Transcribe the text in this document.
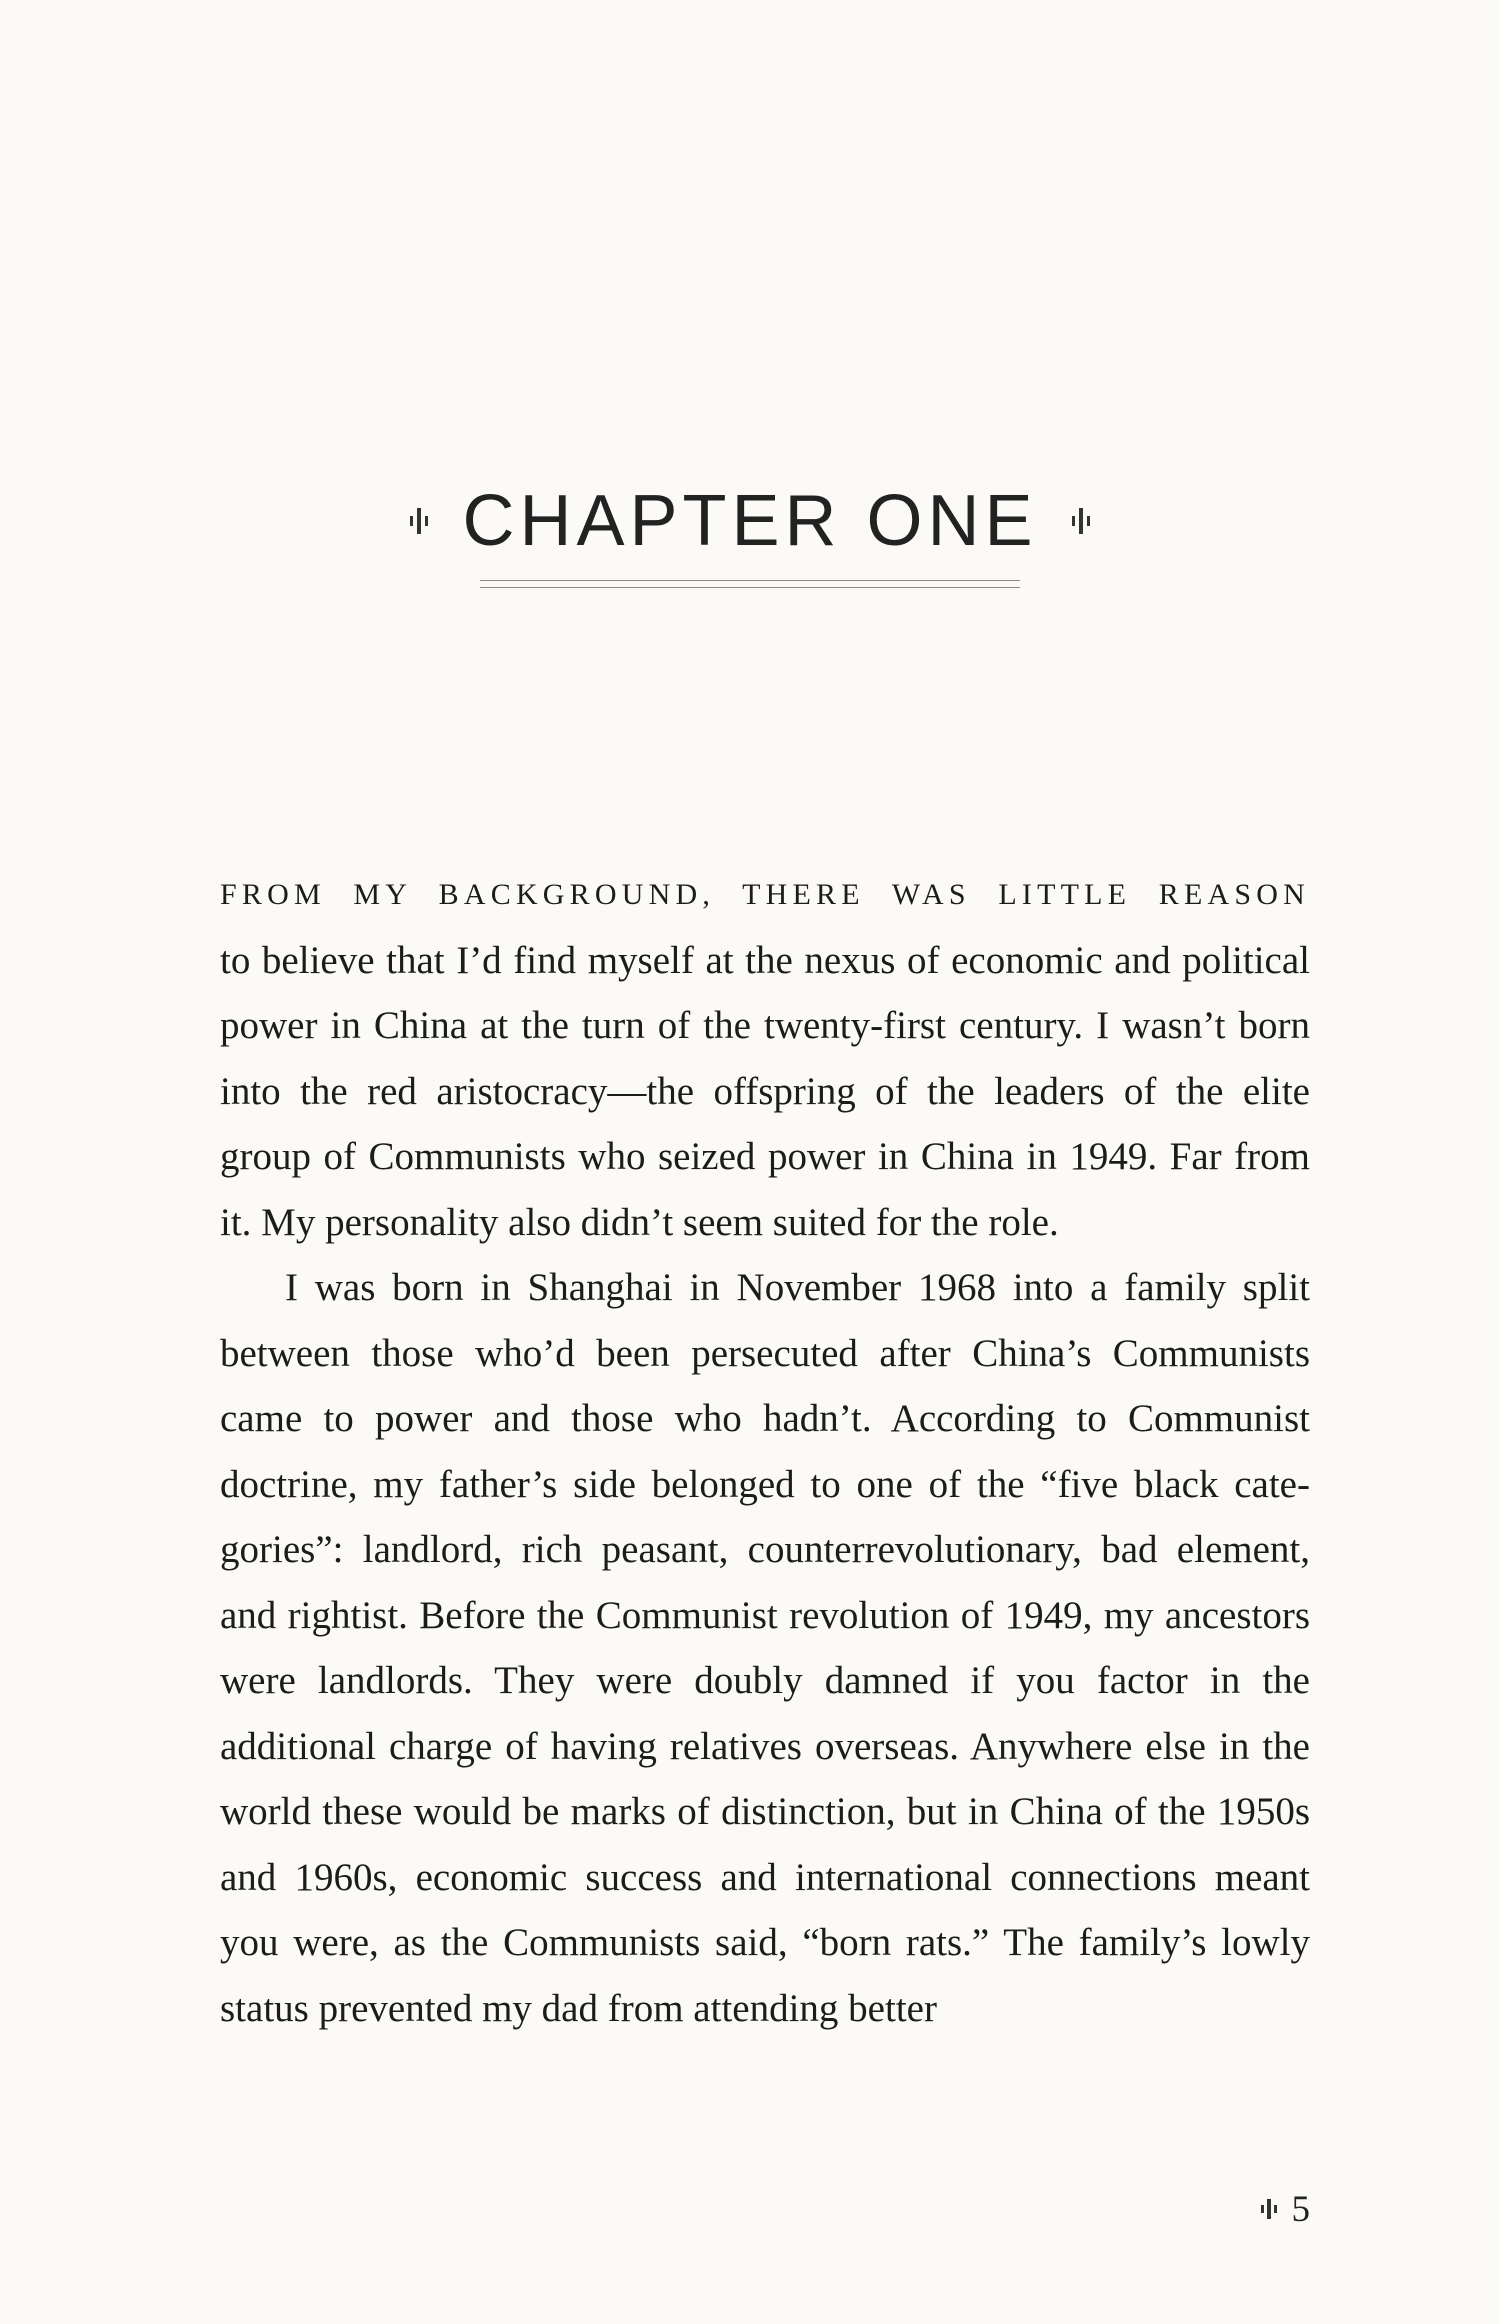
CHAPTER ONE
FROM MY BACKGROUND, THERE WAS LITTLE REASON

to believe that I’d find myself at the nexus of economic and political power in China at the turn of the twenty-first century. I wasn’t born into the red aristocracy—the offspring of the leaders of the elite group of Communists who seized power in China in 1949. Far from it. My personality also didn’t seem suited for the role.

I was born in Shanghai in November 1968 into a family split between those who’d been persecuted after China’s Communists came to power and those who hadn’t. According to Communist doctrine, my father’s side belonged to one of the “five black categories”: landlord, rich peasant, counterrevolutionary, bad element, and rightist. Before the Communist revolution of 1949, my ancestors were landlords. They were doubly damned if you factor in the additional charge of having relatives overseas. Anywhere else in the world these would be marks of distinction, but in China of the 1950s and 1960s, economic success and international connections meant you were, as the Communists said, “born rats.” The family’s lowly status prevented my dad from attending better

5
